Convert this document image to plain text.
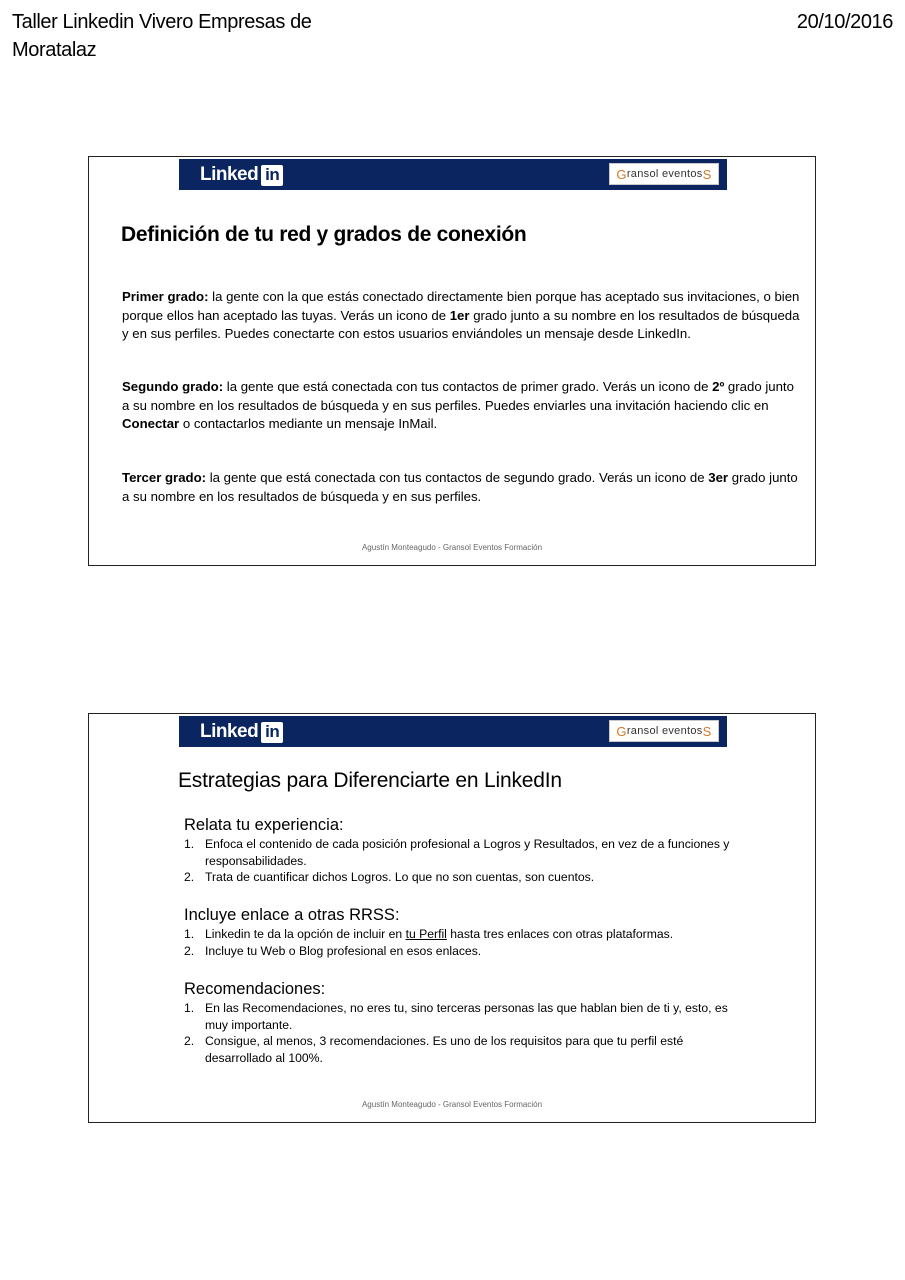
Taller Linkedin Vivero Empresas de Moratalaz
20/10/2016
Linked in	G ransol eventos S
Definición de tu red y grados de conexión
Primer grado: la gente con la que estás conectado directamente bien porque has aceptado sus invitaciones, o bien porque ellos han aceptado las tuyas. Verás un icono de 1er grado junto a su nombre en los resultados de búsqueda y en sus perfiles. Puedes conectarte con estos usuarios enviándoles un mensaje desde LinkedIn.
Segundo grado: la gente que está conectada con tus contactos de primer grado. Verás un icono de 2º grado junto a su nombre en los resultados de búsqueda y en sus perfiles. Puedes enviarles una invitación haciendo clic en Conectar o contactarlos mediante un mensaje InMail.
Tercer grado: la gente que está conectada con tus contactos de segundo grado. Verás un icono de 3er grado junto a su nombre en los resultados de búsqueda y en sus perfiles.
Agustín Monteagudo - Gransol Eventos Formación
Linked in	G ransol eventos S
Estrategias para Diferenciarte en LinkedIn
Relata tu experiencia:
1. Enfoca el contenido de cada posición profesional a Logros y Resultados, en vez de a funciones y responsabilidades.
2. Trata de cuantificar dichos Logros. Lo que no son cuentas, son cuentos.
Incluye enlace a otras RRSS:
1. Linkedin te da la opción de incluir en tu Perfil hasta tres enlaces con otras plataformas.
2. Incluye tu Web o Blog profesional en esos enlaces.
Recomendaciones:
1. En las Recomendaciones, no eres tu, sino terceras personas las que hablan bien de ti y, esto, es muy importante.
2. Consigue, al menos, 3 recomendaciones. Es uno de los requisitos para que tu perfil esté desarrollado al 100%.
Agustín Monteagudo - Gransol Eventos Formación
